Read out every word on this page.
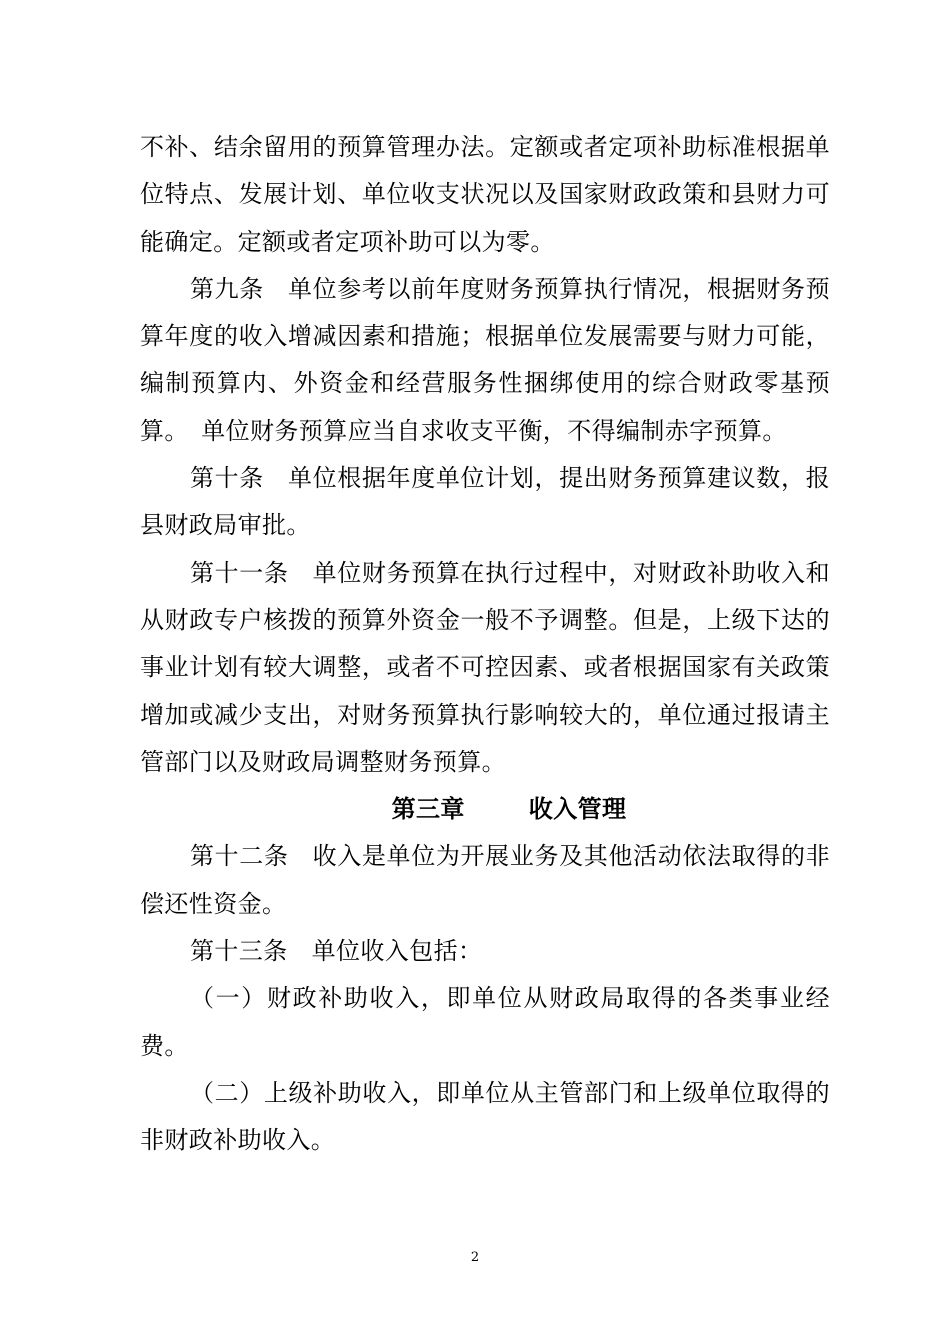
不补、结余留用的预算管理办法。定额或者定项补助标准根据单位特点、发展计划、单位收支状况以及国家财政政策和县财力可能确定。定额或者定项补助可以为零。

第九条 单位参考以前年度财务预算执行情况，根据财务预算年度的收入增减因素和措施；根据单位发展需要与财力可能，编制预算内、外资金和经营服务性捆绑使用的综合财政零基预算。　单位财务预算应当自求收支平衡，不得编制赤字预算。

第十条 单位根据年度单位计划，提出财务预算建议数，报县财政局审批。

第十一条 单位财务预算在执行过程中，对财政补助收入和从财政专户核拨的预算外资金一般不予调整。但是，上级下达的事业计划有较大调整，或者不可控因素、或者根据国家有关政策增加或减少支出，对财务预算执行影响较大的，单位通过报请主管部门以及财政局调整财务预算。

第三章	收入管理

第十二条 收入是单位为开展业务及其他活动依法取得的非偿还性资金。

第十三条 单位收入包括：

（一）财政补助收入，即单位从财政局取得的各类事业经费。

（二）上级补助收入，即单位从主管部门和上级单位取得的非财政补助收入。

2
